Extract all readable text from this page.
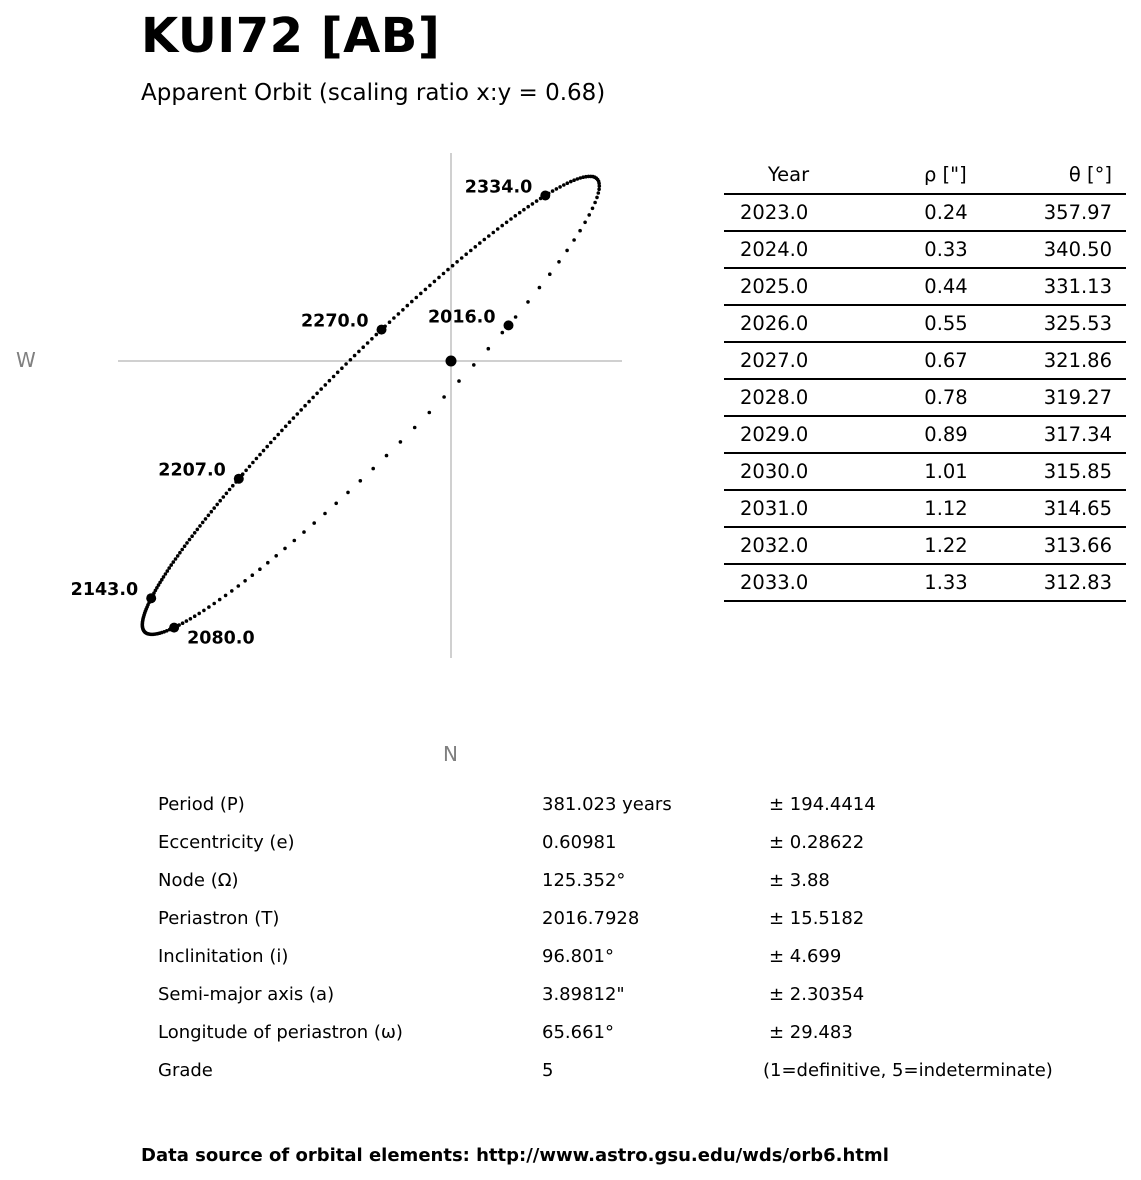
KUI72 [AB]
Apparent Orbit (scaling ratio x:y = 0.68)
W
N
2016.0
2080.0
2143.0
2207.0
2270.0
2334.0
Year	ρ ["]	θ [°]
2023.0	0.24	357.97
2024.0	0.33	340.50
2025.0	0.44	331.13
2026.0	0.55	325.53
2027.0	0.67	321.86
2028.0	0.78	319.27
2029.0	0.89	317.34
2030.0	1.01	315.85
2031.0	1.12	314.65
2032.0	1.22	313.66
2033.0	1.33	312.83
Period (P)	381.023 years	± 194.4414
Eccentricity (e)	0.60981	± 0.28622
Node (Ω)	125.352°	± 3.88
Periastron (T)	2016.7928	± 15.5182
Inclinitation (i)	96.801°	± 4.699
Semi-major axis (a)	3.89812"	± 2.30354
Longitude of periastron (ω)	65.661°	± 29.483
Grade	5	(1=definitive, 5=indeterminate)
Data source of orbital elements: http://www.astro.gsu.edu/wds/orb6.html
